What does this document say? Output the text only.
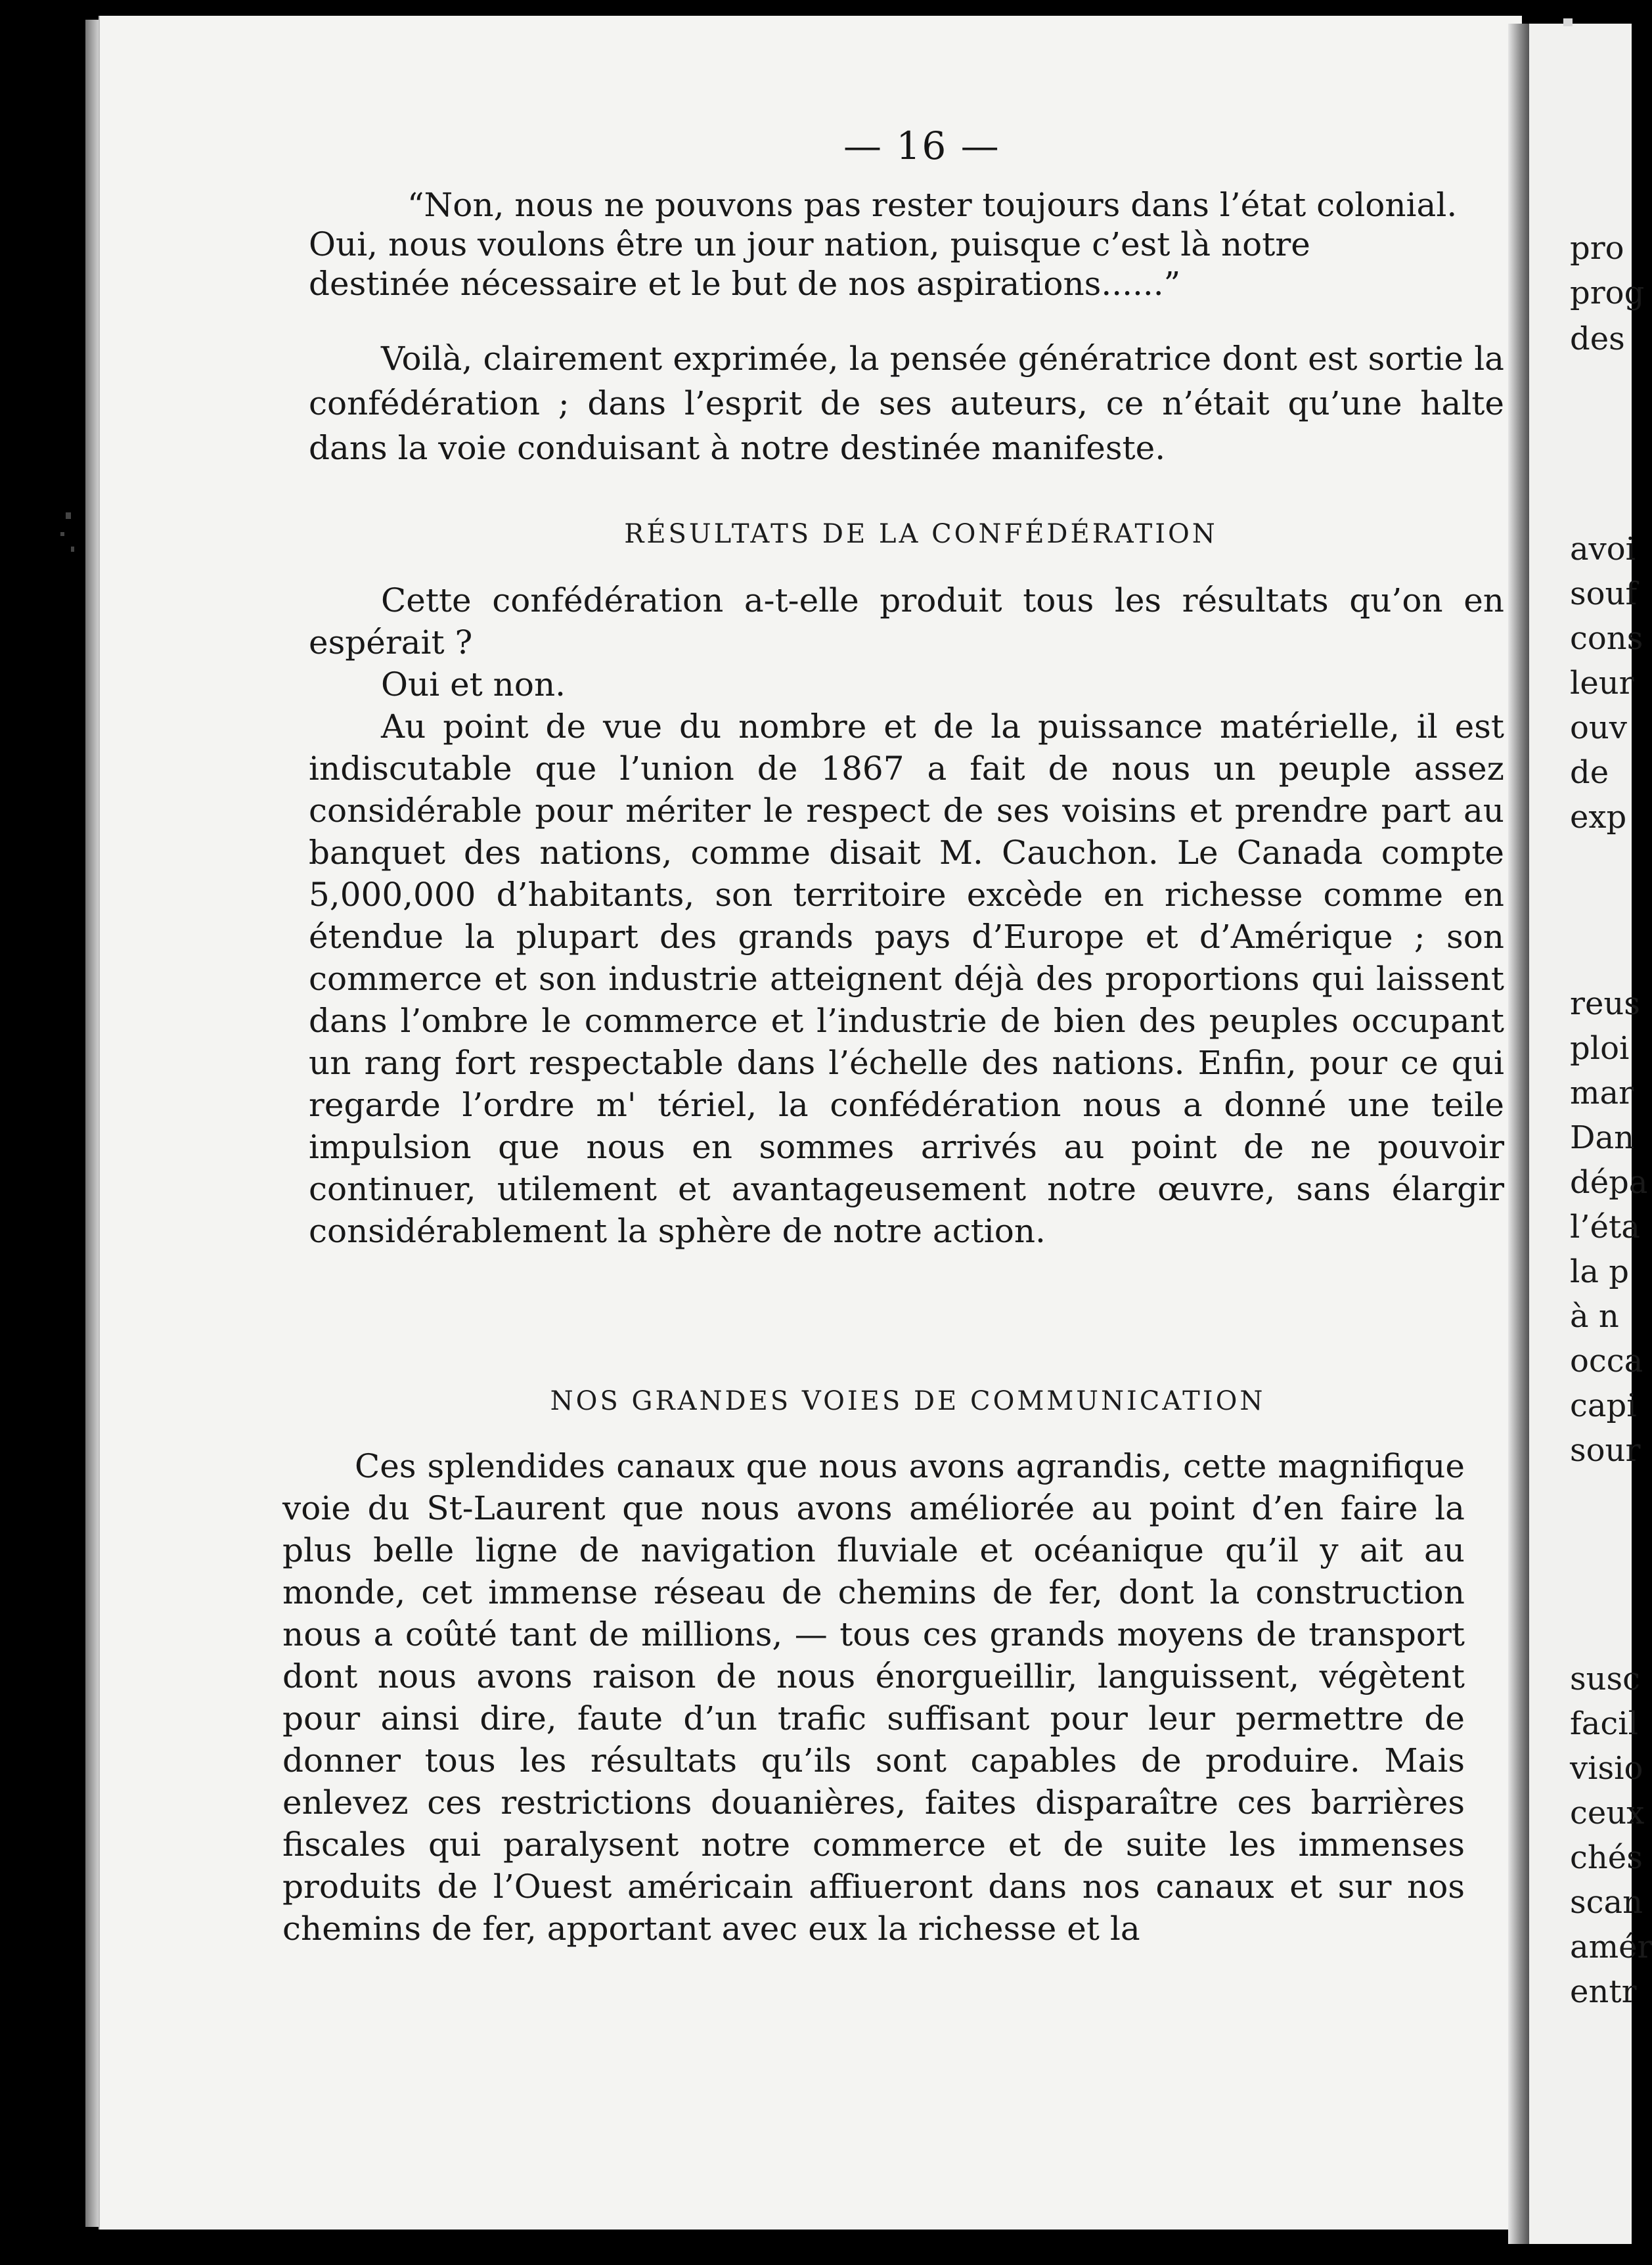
— 16 —
“Non, nous ne pouvons pas rester toujours dans l’état colonial.
Oui, nous voulons être un jour nation, puisque c’est là notre
destinée nécessaire et le but de nos aspirations......”

Voilà, clairement exprimée, la pensée génératrice dont est sortie la confédération ; dans l’esprit de ses auteurs, ce n’était qu’une halte dans la voie conduisant à notre destinée manifeste.

RÉSULTATS DE LA CONFÉDÉRATION

Cette confédération a-t-elle produit tous les résultats qu’on en espérait ?

Oui et non.

Au point de vue du nombre et de la puissance matérielle, il est indiscutable que l’union de 1867 a fait de nous un peuple assez considérable pour mériter le respect de ses voisins et prendre part au banquet des nations, comme disait M. Cauchon. Le Canada compte 5,000,000 d’habitants, son territoire excède en richesse comme en étendue la plupart des grands pays d’Europe et d’Amérique ; son commerce et son industrie atteignent déjà des proportions qui laissent dans l’ombre le commerce et l’industrie de bien des peuples occupant un rang fort respectable dans l’échelle des nations. Enfin, pour ce qui regarde l’ordre m' tériel, la confédération nous a donné une teile impulsion que nous en sommes arrivés au point de ne pouvoir continuer, utilement et avantageusement notre œuvre, sans élargir considérablement la sphère de notre action.

NOS GRANDES VOIES DE COMMUNICATION

Ces splendides canaux que nous avons agrandis, cette magnifique voie du St-Laurent que nous avons améliorée au point d’en faire la plus belle ligne de navigation fluviale et océanique qu’il y ait au monde, cet immense réseau de chemins de fer, dont la construction nous a coûté tant de millions, — tous ces grands moyens de transport dont nous avons raison de nous énorgueillir, languissent, végètent pour ainsi dire, faute d’un trafic suffisant pour leur permettre de donner tous les résultats qu’ils sont capables de produire. Mais enlevez ces restrictions douanières, faites disparaître ces barrières fiscales qui paralysent notre commerce et de suite les immenses produits de l’Ouest américain affiueront dans nos canaux et sur nos chemins de fer, apportant avec eux la richesse et la

pro
prog
des
avoi
souf
cons
leur
ouv
de
exp
reus
ploi
mar
Dan
dépa
l’éta
la p
à n
occa
capi
sour
susc
facil
visio
ceux
chés
scan
amér
entr
